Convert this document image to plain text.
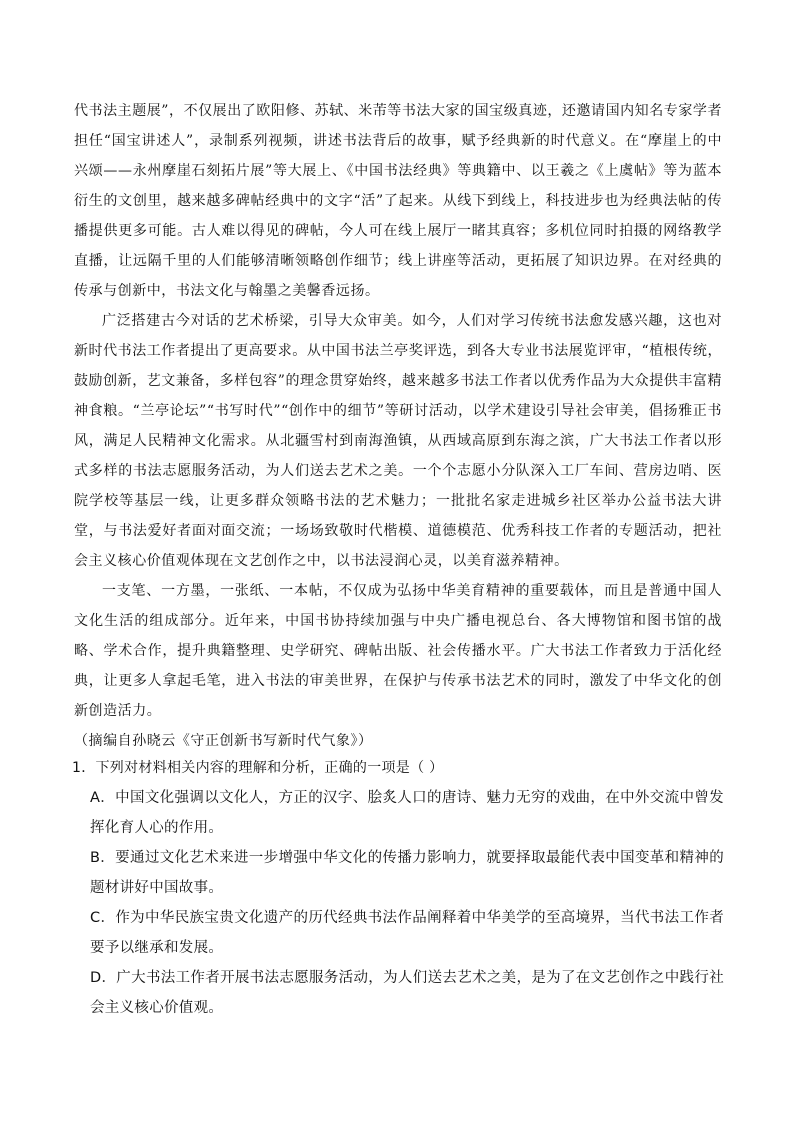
代书法主题展”，不仅展出了欧阳修、苏轼、米芾等书法大家的国宝级真迹，还邀请国内知名专家学者担任“国宝讲述人”，录制系列视频，讲述书法背后的故事，赋予经典新的时代意义。在“摩崖上的中兴颂——永州摩崖石刻拓片展”等大展上、《中国书法经典》等典籍中、以王羲之《上虞帖》等为蓝本衍生的文创里，越来越多碑帖经典中的文字“活”了起来。从线下到线上，科技进步也为经典法帖的传播提供更多可能。古人难以得见的碑帖，今人可在线上展厅一睹其真容；多机位同时拍摄的网络教学直播，让远隔千里的人们能够清晰领略创作细节；线上讲座等活动，更拓展了知识边界。在对经典的传承与创新中，书法文化与翰墨之美馨香远扬。

广泛搭建古今对话的艺术桥梁，引导大众审美。如今，人们对学习传统书法愈发感兴趣，这也对新时代书法工作者提出了更高要求。从中国书法兰亭奖评选，到各大专业书法展览评审，“植根传统，鼓励创新，艺文兼备，多样包容”的理念贯穿始终，越来越多书法工作者以优秀作品为大众提供丰富精神食粮。“兰亭论坛”“书写时代”“创作中的细节”等研讨活动，以学术建设引导社会审美，倡扬雅正书风，满足人民精神文化需求。从北疆雪村到南海渔镇，从西域高原到东海之滨，广大书法工作者以形式多样的书法志愿服务活动，为人们送去艺术之美。一个个志愿小分队深入工厂车间、营房边哨、医院学校等基层一线，让更多群众领略书法的艺术魅力；一批批名家走进城乡社区举办公益书法大讲堂，与书法爱好者面对面交流；一场场致敬时代楷模、道德模范、优秀科技工作者的专题活动，把社会主义核心价值观体现在文艺创作之中，以书法浸润心灵，以美育滋养精神。

一支笔、一方墨，一张纸、一本帖，不仅成为弘扬中华美育精神的重要载体，而且是普通中国人文化生活的组成部分。近年来，中国书协持续加强与中央广播电视总台、各大博物馆和图书馆的战略、学术合作，提升典籍整理、史学研究、碑帖出版、社会传播水平。广大书法工作者致力于活化经典，让更多人拿起毛笔，进入书法的审美世界，在保护与传承书法艺术的同时，激发了中华文化的创新创造活力。

（摘编自孙晓云《守正创新书写新时代气象》）

1．下列对材料相关内容的理解和分析，正确的一项是（ ）

A．中国文化强调以文化人，方正的汉字、脍炙人口的唐诗、魅力无穷的戏曲，在中外交流中曾发挥化育人心的作用。

B．要通过文化艺术来进一步增强中华文化的传播力影响力，就要择取最能代表中国变革和精神的题材讲好中国故事。

C．作为中华民族宝贵文化遗产的历代经典书法作品阐释着中华美学的至高境界，当代书法工作者要予以继承和发展。

D．广大书法工作者开展书法志愿服务活动，为人们送去艺术之美，是为了在文艺创作之中践行社会主义核心价值观。
